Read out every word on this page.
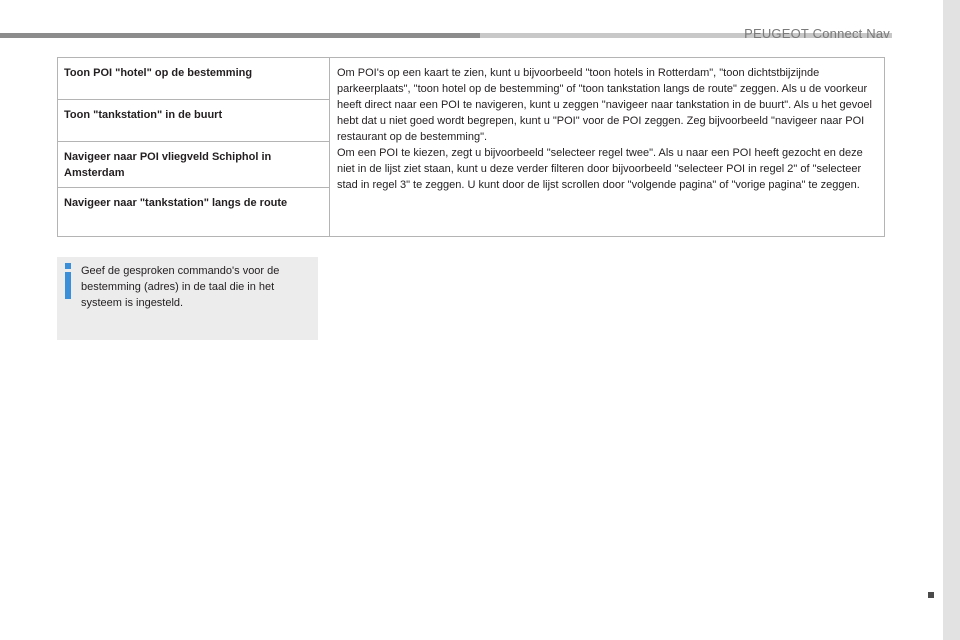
PEUGEOT Connect Nav
Toon POI "hotel" op de bestemming
Toon "tankstation" in de buurt
Navigeer naar POI vliegveld Schiphol in Amsterdam
Navigeer naar "tankstation" langs de route
Om POI's op een kaart te zien, kunt u bijvoorbeeld "toon hotels in Rotterdam", "toon dichtstbijzijnde parkeerplaats", "toon hotel op de bestemming" of "toon tankstation langs de route" zeggen. Als u de voorkeur heeft direct naar een POI te navigeren, kunt u zeggen "navigeer naar tankstation in de buurt". Als u het gevoel hebt dat u niet goed wordt begrepen, kunt u "POI" voor de POI zeggen. Zeg bijvoorbeeld "navigeer naar POI restaurant op de bestemming".
Om een POI te kiezen, zegt u bijvoorbeeld "selecteer regel twee". Als u naar een POI heeft gezocht en deze niet in de lijst ziet staan, kunt u deze verder filteren door bijvoorbeeld "selecteer POI in regel 2" of "selecteer stad in regel 3" te zeggen. U kunt door de lijst scrollen door "volgende pagina" of "vorige pagina" te zeggen.
Geef de gesproken commando's voor de bestemming (adres) in de taal die in het systeem is ingesteld.
